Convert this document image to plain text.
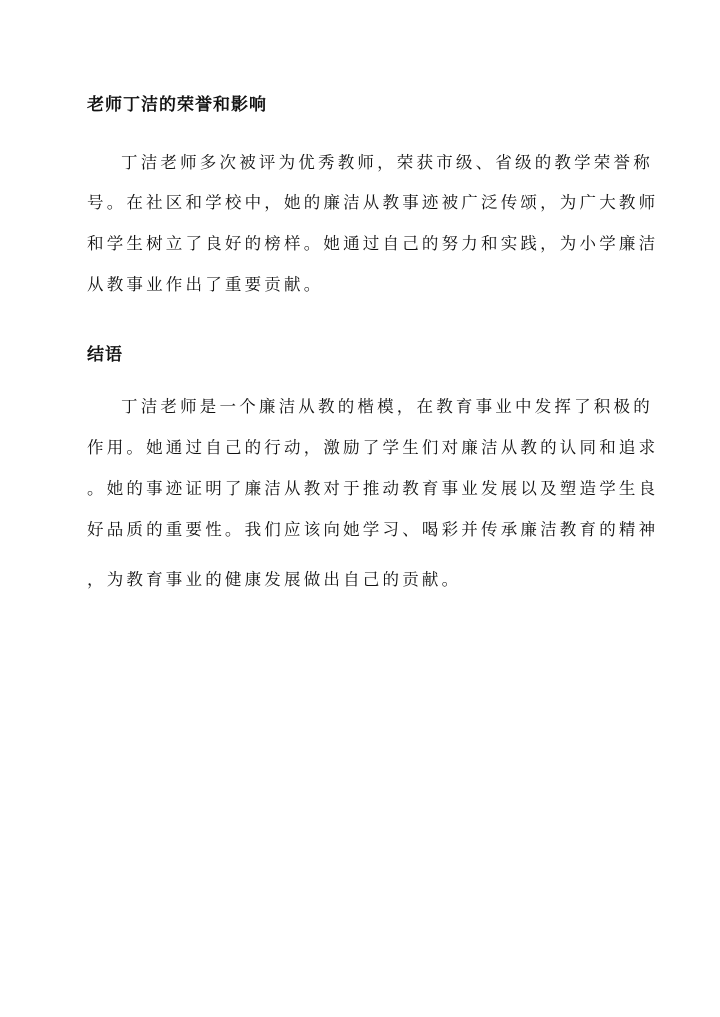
老师丁洁的荣誉和影响

丁洁老师多次被评为优秀教师，荣获市级、省级的教学荣誉称

号。在社区和学校中，她的廉洁从教事迹被广泛传颂，为广大教师

和学生树立了良好的榜样。她通过自己的努力和实践，为小学廉洁

从教事业作出了重要贡献。

结语

丁洁老师是一个廉洁从教的楷模，在教育事业中发挥了积极的

作用。她通过自己的行动，激励了学生们对廉洁从教的认同和追求

。她的事迹证明了廉洁从教对于推动教育事业发展以及塑造学生良

好品质的重要性。我们应该向她学习、喝彩并传承廉洁教育的精神

，为教育事业的健康发展做出自己的贡献。
